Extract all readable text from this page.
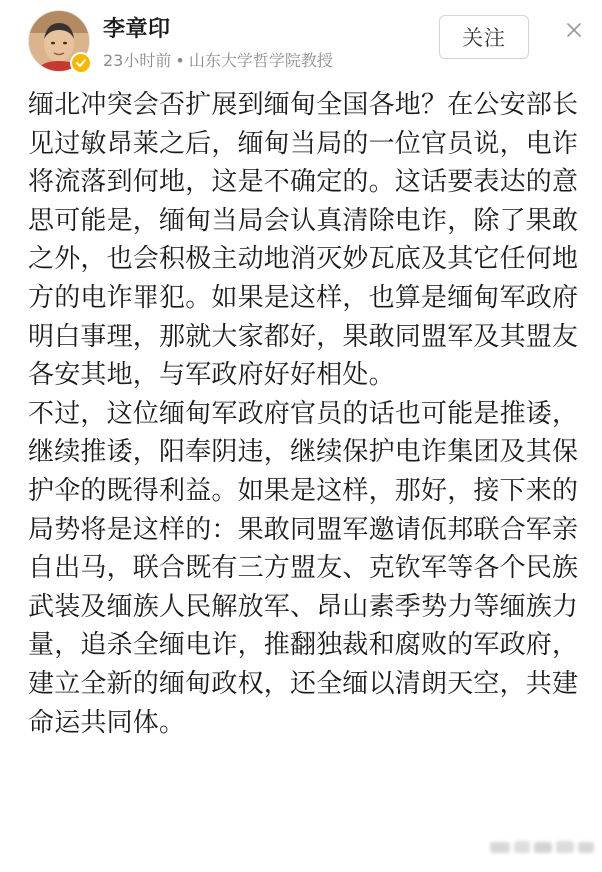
李章印
23小时前 • 山东大学哲学院教授
关注

缅北冲突会否扩展到缅甸全国各地？在公安部长见过敏昂莱之后，缅甸当局的一位官员说，电诈将流落到何地，这是不确定的。这话要表达的意思可能是，缅甸当局会认真清除电诈，除了果敢之外，也会积极主动地消灭妙瓦底及其它任何地方的电诈罪犯。如果是这样，也算是缅甸军政府明白事理，那就大家都好，果敢同盟军及其盟友各安其地，与军政府好好相处。

不过，这位缅甸军政府官员的话也可能是推诿，继续推诿，阳奉阴违，继续保护电诈集团及其保护伞的既得利益。如果是这样，那好，接下来的局势将是这样的：果敢同盟军邀请佤邦联合军亲自出马，联合既有三方盟友、克钦军等各个民族武装及缅族人民解放军、昂山素季势力等缅族力量，追杀全缅电诈，推翻独裁和腐败的军政府，建立全新的缅甸政权，还全缅以清朗天空，共建命运共同体。
